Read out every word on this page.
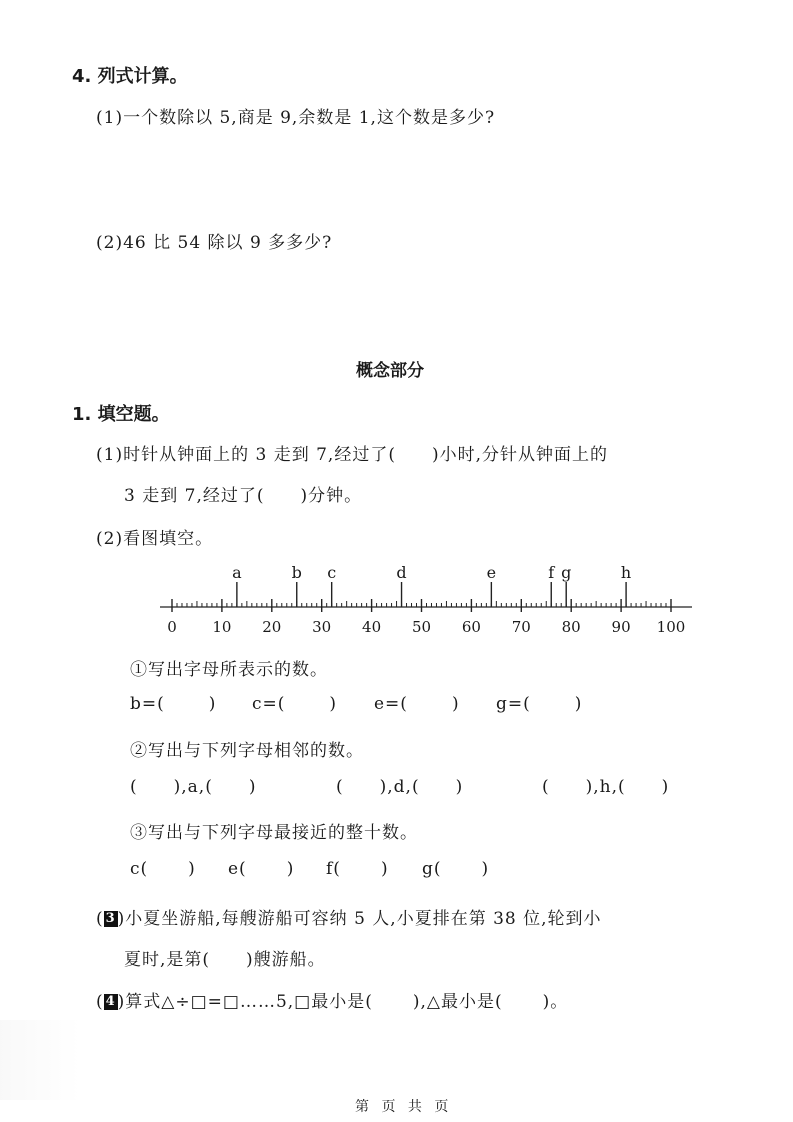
4. 列式计算。
(1)一个数除以 5,商是 9,余数是 1,这个数是多少?
(2)46 比 54 除以 9 多多少?
概念部分
1. 填空题。
(1)时针从钟面上的 3 走到 7,经过了( )小时,分针从钟面上的
3 走到 7,经过了( )分钟。
(2)看图填空。
0 10 20 30 40 50 60 70 80 90 100
a	b c	d	e	f g	h
①写出字母所表示的数。
b=(	) c=(	) e=(	) g=(	)
②写出与下列字母相邻的数。
( ),a,( )	( ),d,( )	( ),h,( )
③写出与下列字母最接近的整十数。
c( ) e( ) f( ) g( )
( 3 )小夏坐游船,每艘游船可容纳 5 人,小夏排在第 38 位,轮到小
夏时,是第( )艘游船。
( 4 )算式△÷□=□……5,□最小是( ),△最小是( )。
第 页 共 页
